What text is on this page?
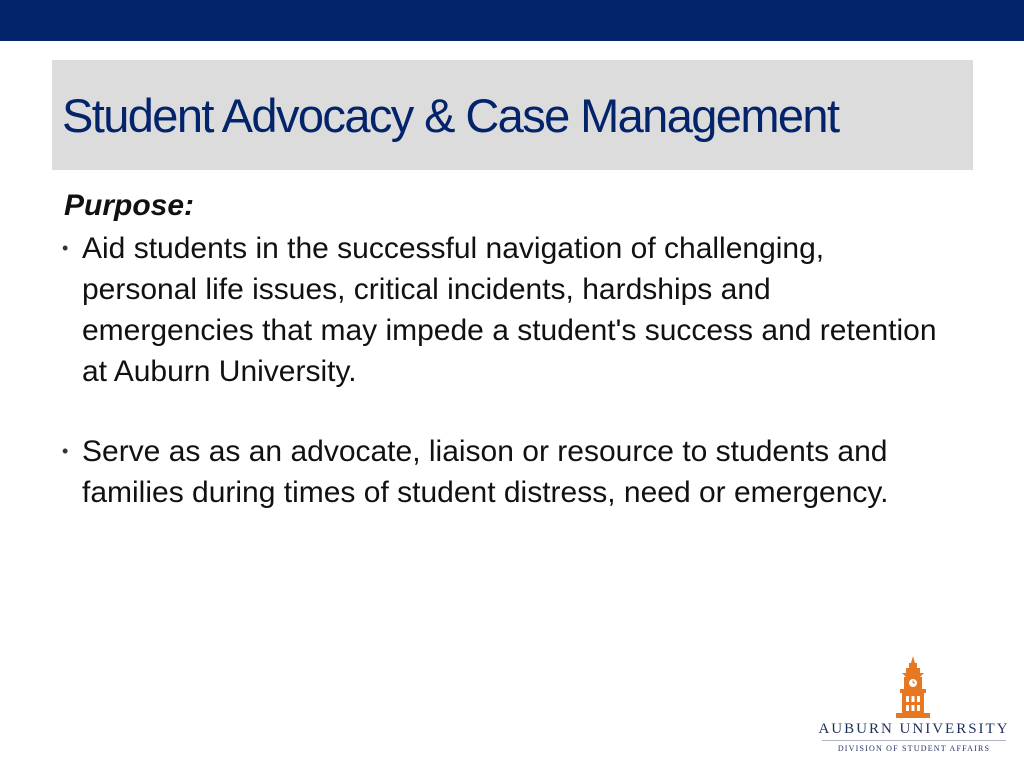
Student Advocacy & Case Management
Purpose:
• Aid students in the successful navigation of challenging, personal life issues, critical incidents, hardships and emergencies that may impede a student's success and retention at Auburn University.
• Serve as as an advocate, liaison or resource to students and families during times of student distress, need or emergency.
AUBURN UNIVERSITY
DIVISION OF STUDENT AFFAIRS
